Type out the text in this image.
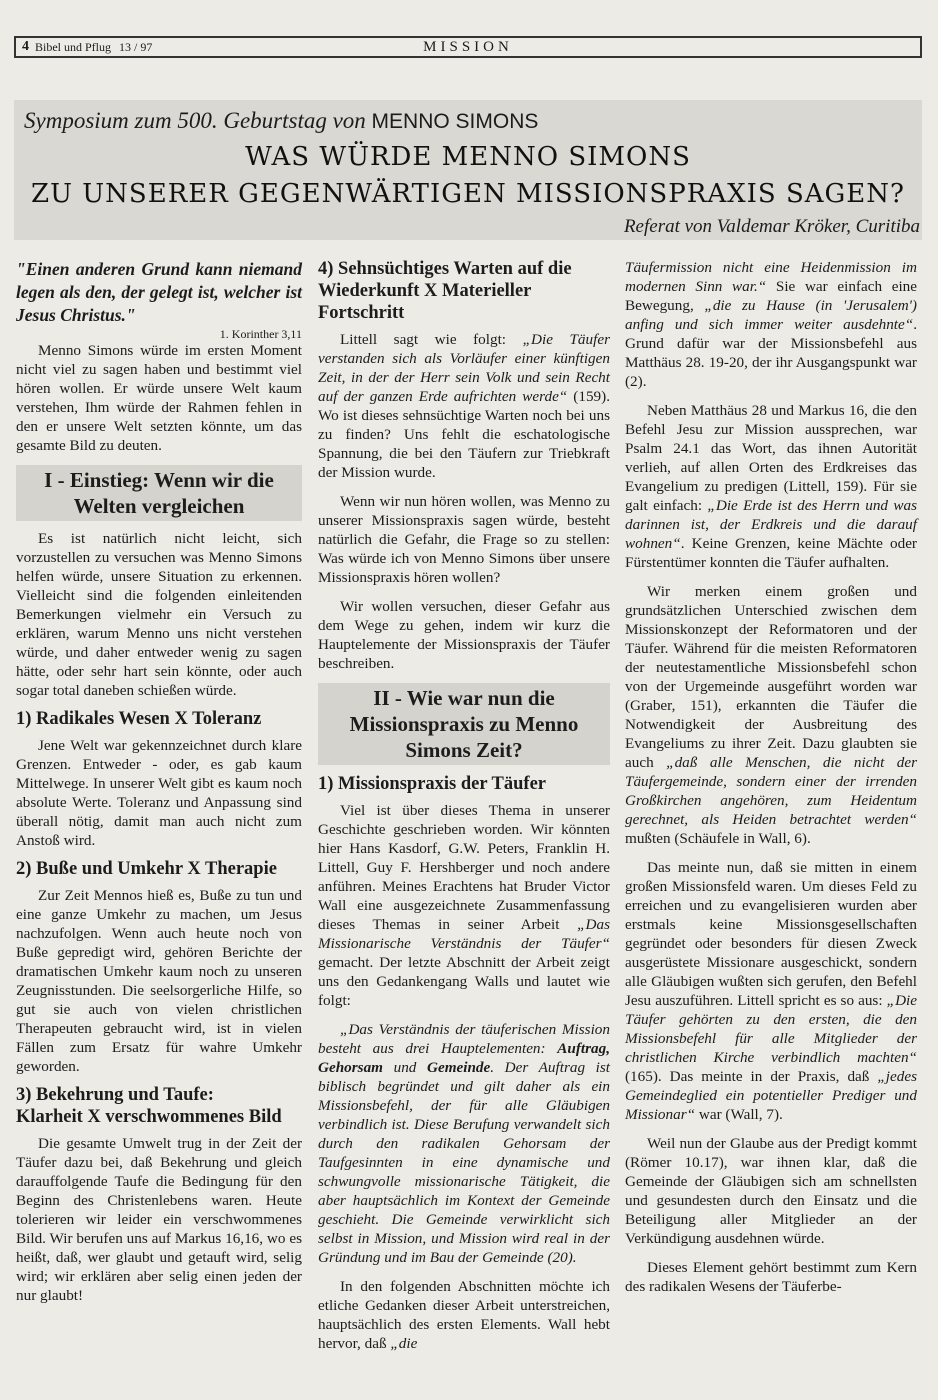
4 Bibel und Pflug 13 / 97	MISSION
Symposium zum 500. Geburtstag von MENNO SIMONS
WAS WÜRDE MENNO SIMONS
ZU UNSERER GEGENWÄRTIGEN MISSIONSPRAXIS SAGEN?
Referat von Valdemar Kröker, Curitiba

"Einen anderen Grund kann niemand legen als den, der gelegt ist, welcher ist Jesus Christus."

1. Korinther 3,11

Menno Simons würde im ersten Moment nicht viel zu sagen haben und bestimmt viel hören wollen. Er würde unsere Welt kaum verstehen, Ihm würde der Rahmen fehlen in den er unsere Welt setzten könnte, um das gesamte Bild zu deuten.

I - Einstieg: Wenn wir die Welten vergleichen

Es ist natürlich nicht leicht, sich vorzustellen zu versuchen was Menno Simons helfen würde, unsere Situation zu erkennen. Vielleicht sind die folgenden einleitenden Bemerkungen vielmehr ein Versuch zu erklären, warum Menno uns nicht verstehen würde, und daher entweder wenig zu sagen hätte, oder sehr hart sein könnte, oder auch sogar total daneben schießen würde.

1) Radikales Wesen X Toleranz

Jene Welt war gekennzeichnet durch klare Grenzen. Entweder - oder, es gab kaum Mittelwege. In unserer Welt gibt es kaum noch absolute Werte. Toleranz und Anpassung sind überall nötig, damit man auch nicht zum Anstoß wird.

2) Buße und Umkehr X Therapie

Zur Zeit Mennos hieß es, Buße zu tun und eine ganze Umkehr zu machen, um Jesus nachzufolgen. Wenn auch heute noch von Buße gepredigt wird, gehören Berichte der dramatischen Umkehr kaum noch zu unseren Zeugnisstunden. Die seelsorgerliche Hilfe, so gut sie auch von vielen christlichen Therapeuten gebraucht wird, ist in vielen Fällen zum Ersatz für wahre Umkehr geworden.

3) Bekehrung und Taufe:
Klarheit X verschwommenes Bild

Die gesamte Umwelt trug in der Zeit der Täufer dazu bei, daß Bekehrung und gleich darauffolgende Taufe die Bedingung für den Beginn des Christenlebens waren. Heute tolerieren wir leider ein verschwommenes Bild. Wir berufen uns auf Markus 16,16, wo es heißt, daß, wer glaubt und getauft wird, selig wird; wir erklären aber selig einen jeden der nur glaubt!

4) Sehnsüchtiges Warten auf die Wiederkunft X Materieller Fortschritt

Littell sagt wie folgt: „Die Täufer verstanden sich als Vorläufer einer künftigen Zeit, in der der Herr sein Volk und sein Recht auf der ganzen Erde aufrichten werde“ (159). Wo ist dieses sehnsüchtige Warten noch bei uns zu finden? Uns fehlt die eschatologische Spannung, die bei den Täufern zur Triebkraft der Mission wurde.

Wenn wir nun hören wollen, was Menno zu unserer Missionspraxis sagen würde, besteht natürlich die Gefahr, die Frage so zu stellen: Was würde ich von Menno Simons über unsere Missionspraxis hören wollen?

Wir wollen versuchen, dieser Gefahr aus dem Wege zu gehen, indem wir kurz die Hauptelemente der Missionspraxis der Täufer beschreiben.

II - Wie war nun die Missionspraxis zu Menno Simons Zeit?
1) Missionspraxis der Täufer

Viel ist über dieses Thema in unserer Geschichte geschrieben worden. Wir könnten hier Hans Kasdorf, G.W. Peters, Franklin H. Littell, Guy F. Hershberger und noch andere anführen. Meines Erachtens hat Bruder Victor Wall eine ausgezeichnete Zusammenfassung dieses Themas in seiner Arbeit „Das Missionarische Verständnis der Täufer“ gemacht. Der letzte Abschnitt der Arbeit zeigt uns den Gedankengang Walls und lautet wie folgt:

„Das Verständnis der täuferischen Mission besteht aus drei Hauptelementen: Auftrag, Gehorsam und Gemeinde. Der Auftrag ist biblisch begründet und gilt daher als ein Missionsbefehl, der für alle Gläubigen verbindlich ist. Diese Berufung verwandelt sich durch den radikalen Gehorsam der Taufgesinnten in eine dynamische und schwungvolle missionarische Tätigkeit, die aber hauptsächlich im Kontext der Gemeinde geschieht. Die Gemeinde verwirklicht sich selbst in Mission, und Mission wird real in der Gründung und im Bau der Gemeinde (20).

In den folgenden Abschnitten möchte ich etliche Gedanken dieser Arbeit unterstreichen, hauptsächlich des ersten Elements. Wall hebt hervor, daß „die

Täufermission nicht eine Heidenmission im modernen Sinn war.“ Sie war einfach eine Bewegung, „die zu Hause (in 'Jerusalem') anfing und sich immer weiter ausdehnte“. Grund dafür war der Missionsbefehl aus Matthäus 28. 19-20, der ihr Ausgangspunkt war (2).

Neben Matthäus 28 und Markus 16, die den Befehl Jesu zur Mission aussprechen, war Psalm 24.1 das Wort, das ihnen Autorität verlieh, auf allen Orten des Erdkreises das Evangelium zu predigen (Littell, 159). Für sie galt einfach: „Die Erde ist des Herrn und was darinnen ist, der Erdkreis und die darauf wohnen“. Keine Grenzen, keine Mächte oder Fürstentümer konnten die Täufer aufhalten.

Wir merken einem großen und grundsätzlichen Unterschied zwischen dem Missionskonzept der Reformatoren und der Täufer. Während für die meisten Reformatoren der neutestamentliche Missionsbefehl schon von der Urgemeinde ausgeführt worden war (Graber, 151), erkannten die Täufer die Notwendigkeit der Ausbreitung des Evangeliums zu ihrer Zeit. Dazu glaubten sie auch „daß alle Menschen, die nicht der Täufergemeinde, sondern einer der irrenden Großkirchen angehören, zum Heidentum gerechnet, als Heiden betrachtet werden“ mußten (Schäufele in Wall, 6).

Das meinte nun, daß sie mitten in einem großen Missionsfeld waren. Um dieses Feld zu erreichen und zu evangelisieren wurden aber erstmals keine Missionsgesellschaften gegründet oder besonders für diesen Zweck ausgerüstete Missionare ausgeschickt, sondern alle Gläubigen wußten sich gerufen, den Befehl Jesu auszuführen. Littell spricht es so aus: „Die Täufer gehörten zu den ersten, die den Missionsbefehl für alle Mitglieder der christlichen Kirche verbindlich machten“ (165). Das meinte in der Praxis, daß „jedes Gemeindeglied ein potentieller Prediger und Missionar“ war (Wall, 7).

Weil nun der Glaube aus der Predigt kommt (Römer 10.17), war ihnen klar, daß die Gemeinde der Gläubigen sich am schnellsten und gesundesten durch den Einsatz und die Beteiligung aller Mitglieder an der Verkündigung ausdehnen würde.

Dieses Element gehört bestimmt zum Kern des radikalen Wesens der Täuferbe-
